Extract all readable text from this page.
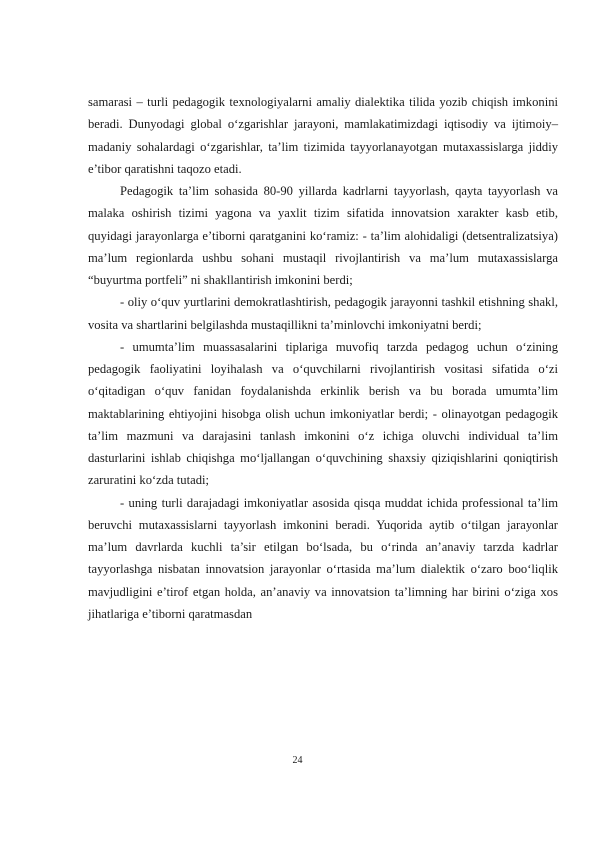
samarasi – turli pedagogik texnologiyalarni amaliy dialektika tilida yozib chiqish imkonini beradi. Dunyodagi global o‘zgarishlar jarayoni, mamlakatimizdagi iqtisodiy va ijtimoiy– madaniy sohalardagi o‘zgarishlar, ta’lim tizimida tayyorlanayotgan mutaxassislarga jiddiy e’tibor qaratishni taqozo etadi.

Pedagogik ta’lim sohasida 80-90 yillarda kadrlarni tayyorlash, qayta tayyorlash va malaka oshirish tizimi yagona va yaxlit tizim sifatida innovatsion xarakter kasb etib, quyidagi jarayonlarga e’tiborni qaratganini ko‘ramiz: - ta’lim alohidaligi (detsentralizatsiya) ma’lum regionlarda ushbu sohani mustaqil rivojlantirish va ma’lum mutaxassislarga “buyurtma portfeli” ni shakllantirish imkonini berdi;

- oliy o‘quv yurtlarini demokratlashtirish, pedagogik jarayonni tashkil etishning shakl, vosita va shartlarini belgilashda mustaqillikni ta’minlovchi imkoniyatni berdi;

- umumta’lim muassasalarini tiplariga muvofiq tarzda pedagog uchun o‘zining pedagogik faoliyatini loyihalash va o‘quvchilarni rivojlantirish vositasi sifatida o‘zi o‘qitadigan o‘quv fanidan foydalanishda erkinlik berish va bu borada umumta’lim maktablarining ehtiyojini hisobga olish uchun imkoniyatlar berdi; - olinayotgan pedagogik ta’lim mazmuni va darajasini tanlash imkonini o‘z ichiga oluvchi individual ta’lim dasturlarini ishlab chiqishga mo‘ljallangan o‘quvchining shaxsiy qiziqishlarini qoniqtirish zaruratini ko‘zda tutadi;

- uning turli darajadagi imkoniyatlar asosida qisqa muddat ichida professional ta’lim beruvchi mutaxassislarni tayyorlash imkonini beradi. Yuqorida aytib o‘tilgan jarayonlar ma’lum davrlarda kuchli ta’sir etilgan bo‘lsada, bu o‘rinda an’anaviy tarzda kadrlar tayyorlashga nisbatan innovatsion jarayonlar o‘rtasida ma’lum dialektik o‘zaro boo‘liqlik mavjudligini e’tirof etgan holda, an’anaviy va innovatsion ta’limning har birini o‘ziga xos jihatlariga e’tiborni qaratmasdan

24
